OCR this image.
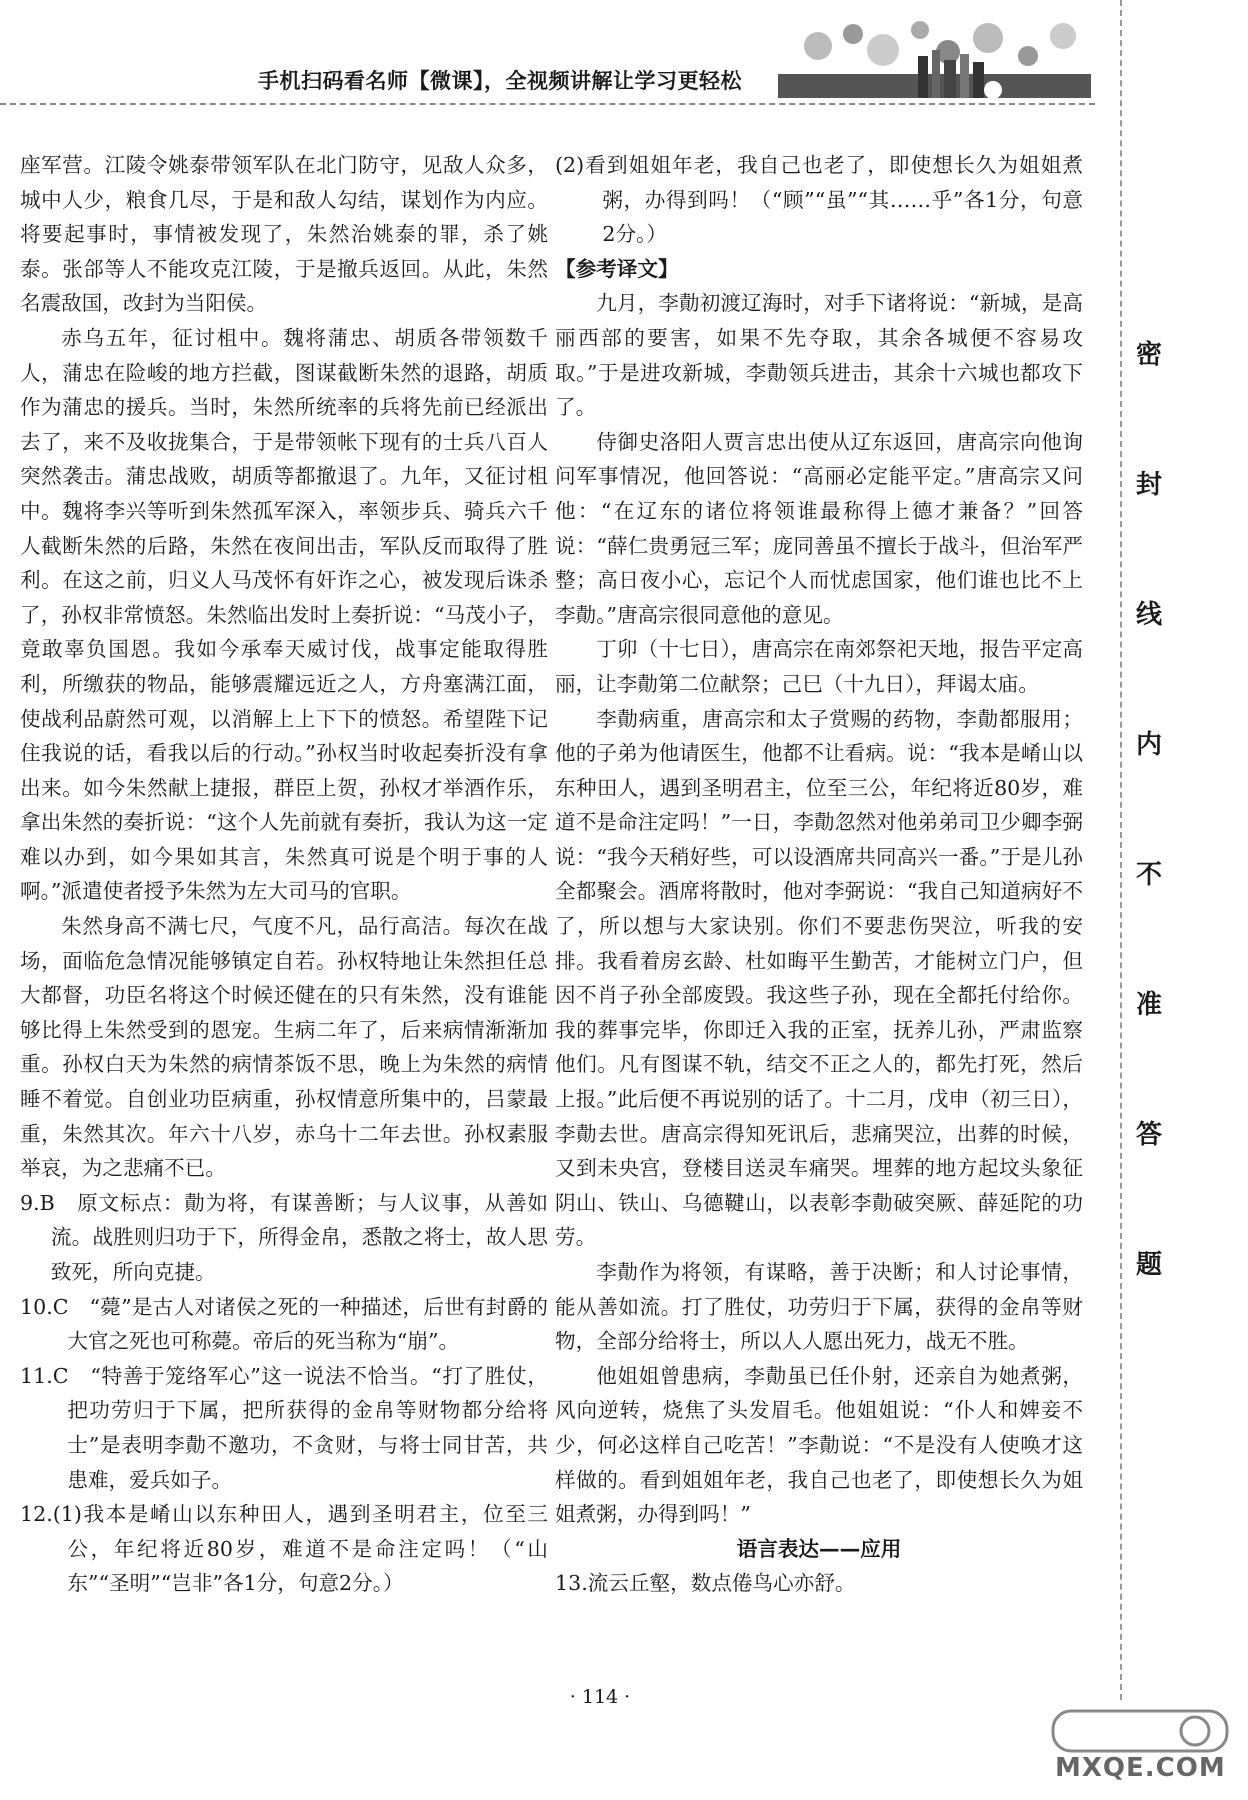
手机扫码看名师【微课】，全视频讲解让学习更轻松

座军营。江陵令姚泰带领军队在北门防守，见敌人众多，城中人少，粮食几尽，于是和敌人勾结，谋划作为内应。将要起事时，事情被发现了，朱然治姚泰的罪，杀了姚泰。张郃等人不能攻克江陵，于是撤兵返回。从此，朱然名震敌国，改封为当阳侯。

赤乌五年，征讨柤中。魏将蒲忠、胡质各带领数千人，蒲忠在险峻的地方拦截，图谋截断朱然的退路，胡质作为蒲忠的援兵。当时，朱然所统率的兵将先前已经派出去了，来不及收拢集合，于是带领帐下现有的士兵八百人突然袭击。蒲忠战败，胡质等都撤退了。九年，又征讨柤中。魏将李兴等听到朱然孤军深入，率领步兵、骑兵六千人截断朱然的后路，朱然在夜间出击，军队反而取得了胜利。在这之前，归义人马茂怀有奸诈之心，被发现后诛杀了，孙权非常愤怒。朱然临出发时上奏折说：“马茂小子，竟敢辜负国恩。我如今承奉天威讨伐，战事定能取得胜利，所缴获的物品，能够震耀远近之人，方舟塞满江面，使战利品蔚然可观，以消解上上下下的愤怒。希望陛下记住我说的话，看我以后的行动。”孙权当时收起奏折没有拿出来。如今朱然献上捷报，群臣上贺，孙权才举酒作乐，拿出朱然的奏折说：“这个人先前就有奏折，我认为这一定难以办到，如今果如其言，朱然真可说是个明于事的人啊。”派遣使者授予朱然为左大司马的官职。

朱然身高不满七尺，气度不凡，品行高洁。每次在战场，面临危急情况能够镇定自若。孙权特地让朱然担任总大都督，功臣名将这个时候还健在的只有朱然，没有谁能够比得上朱然受到的恩宠。生病二年了，后来病情渐渐加重。孙权白天为朱然的病情茶饭不思，晚上为朱然的病情睡不着觉。自创业功臣病重，孙权情意所集中的，吕蒙最重，朱然其次。年六十八岁，赤乌十二年去世。孙权素服举哀，为之悲痛不已。

9.B　原文标点：勣为将，有谋善断；与人议事，从善如流。战胜则归功于下，所得金帛，悉散之将士，故人思致死，所向克捷。

10.C　“薨”是古人对诸侯之死的一种描述，后世有封爵的大官之死也可称薨。帝后的死当称为“崩”。

11.C　“特善于笼络军心”这一说法不恰当。“打了胜仗，把功劳归于下属，把所获得的金帛等财物都分给将士”是表明李勣不邀功，不贪财，与将士同甘苦，共患难，爱兵如子。

12.(1)我本是崤山以东种田人，遇到圣明君主，位至三公，年纪将近80岁，难道不是命注定吗！（“山东”“圣明”“岂非”各1分，句意2分。）

(2)看到姐姐年老，我自己也老了，即使想长久为姐姐煮粥，办得到吗！（“顾”“虽”“其……乎”各1分，句意2分。）

【参考译文】

九月，李勣初渡辽海时，对手下诸将说：“新城，是高丽西部的要害，如果不先夺取，其余各城便不容易攻取。”于是进攻新城，李勣领兵进击，其余十六城也都攻下了。

侍御史洛阳人贾言忠出使从辽东返回，唐高宗向他询问军事情况，他回答说：“高丽必定能平定。”唐高宗又问他：“在辽东的诸位将领谁最称得上德才兼备？”回答说：“薛仁贵勇冠三军；庞同善虽不擅长于战斗，但治军严整；高日夜小心，忘记个人而忧虑国家，他们谁也比不上李勣。”唐高宗很同意他的意见。

丁卯（十七日），唐高宗在南郊祭祀天地，报告平定高丽，让李勣第二位献祭；己巳（十九日），拜谒太庙。

李勣病重，唐高宗和太子赏赐的药物，李勣都服用；他的子弟为他请医生，他都不让看病。说：“我本是崤山以东种田人，遇到圣明君主，位至三公，年纪将近80岁，难道不是命注定吗！”一日，李勣忽然对他弟弟司卫少卿李弼说：“我今天稍好些，可以设酒席共同高兴一番。”于是儿孙全都聚会。酒席将散时，他对李弼说：“我自己知道病好不了，所以想与大家诀别。你们不要悲伤哭泣，听我的安排。我看着房玄龄、杜如晦平生勤苦，才能树立门户，但因不肖子孙全部废毁。我这些子孙，现在全都托付给你。我的葬事完毕，你即迁入我的正室，抚养儿孙，严肃监察他们。凡有图谋不轨，结交不正之人的，都先打死，然后上报。”此后便不再说别的话了。十二月，戊申（初三日），李勣去世。唐高宗得知死讯后，悲痛哭泣，出葬的时候，又到未央宫，登楼目送灵车痛哭。埋葬的地方起坟头象征阴山、铁山、乌德鞬山，以表彰李勣破突厥、薛延陀的功劳。

李勣作为将领，有谋略，善于决断；和人讨论事情，能从善如流。打了胜仗，功劳归于下属，获得的金帛等财物，全部分给将士，所以人人愿出死力，战无不胜。

他姐姐曾患病，李勣虽已任仆射，还亲自为她煮粥，风向逆转，烧焦了头发眉毛。他姐姐说：“仆人和婢妾不少，何必这样自己吃苦！”李勣说：“不是没有人使唤才这样做的。看到姐姐年老，我自己也老了，即使想长久为姐姐煮粥，办得到吗！”

语言表达——应用

13.流云丘壑，数点倦鸟心亦舒。

密
封
线
内
不
准
答
题
· 114 ·
MXQE.COM
